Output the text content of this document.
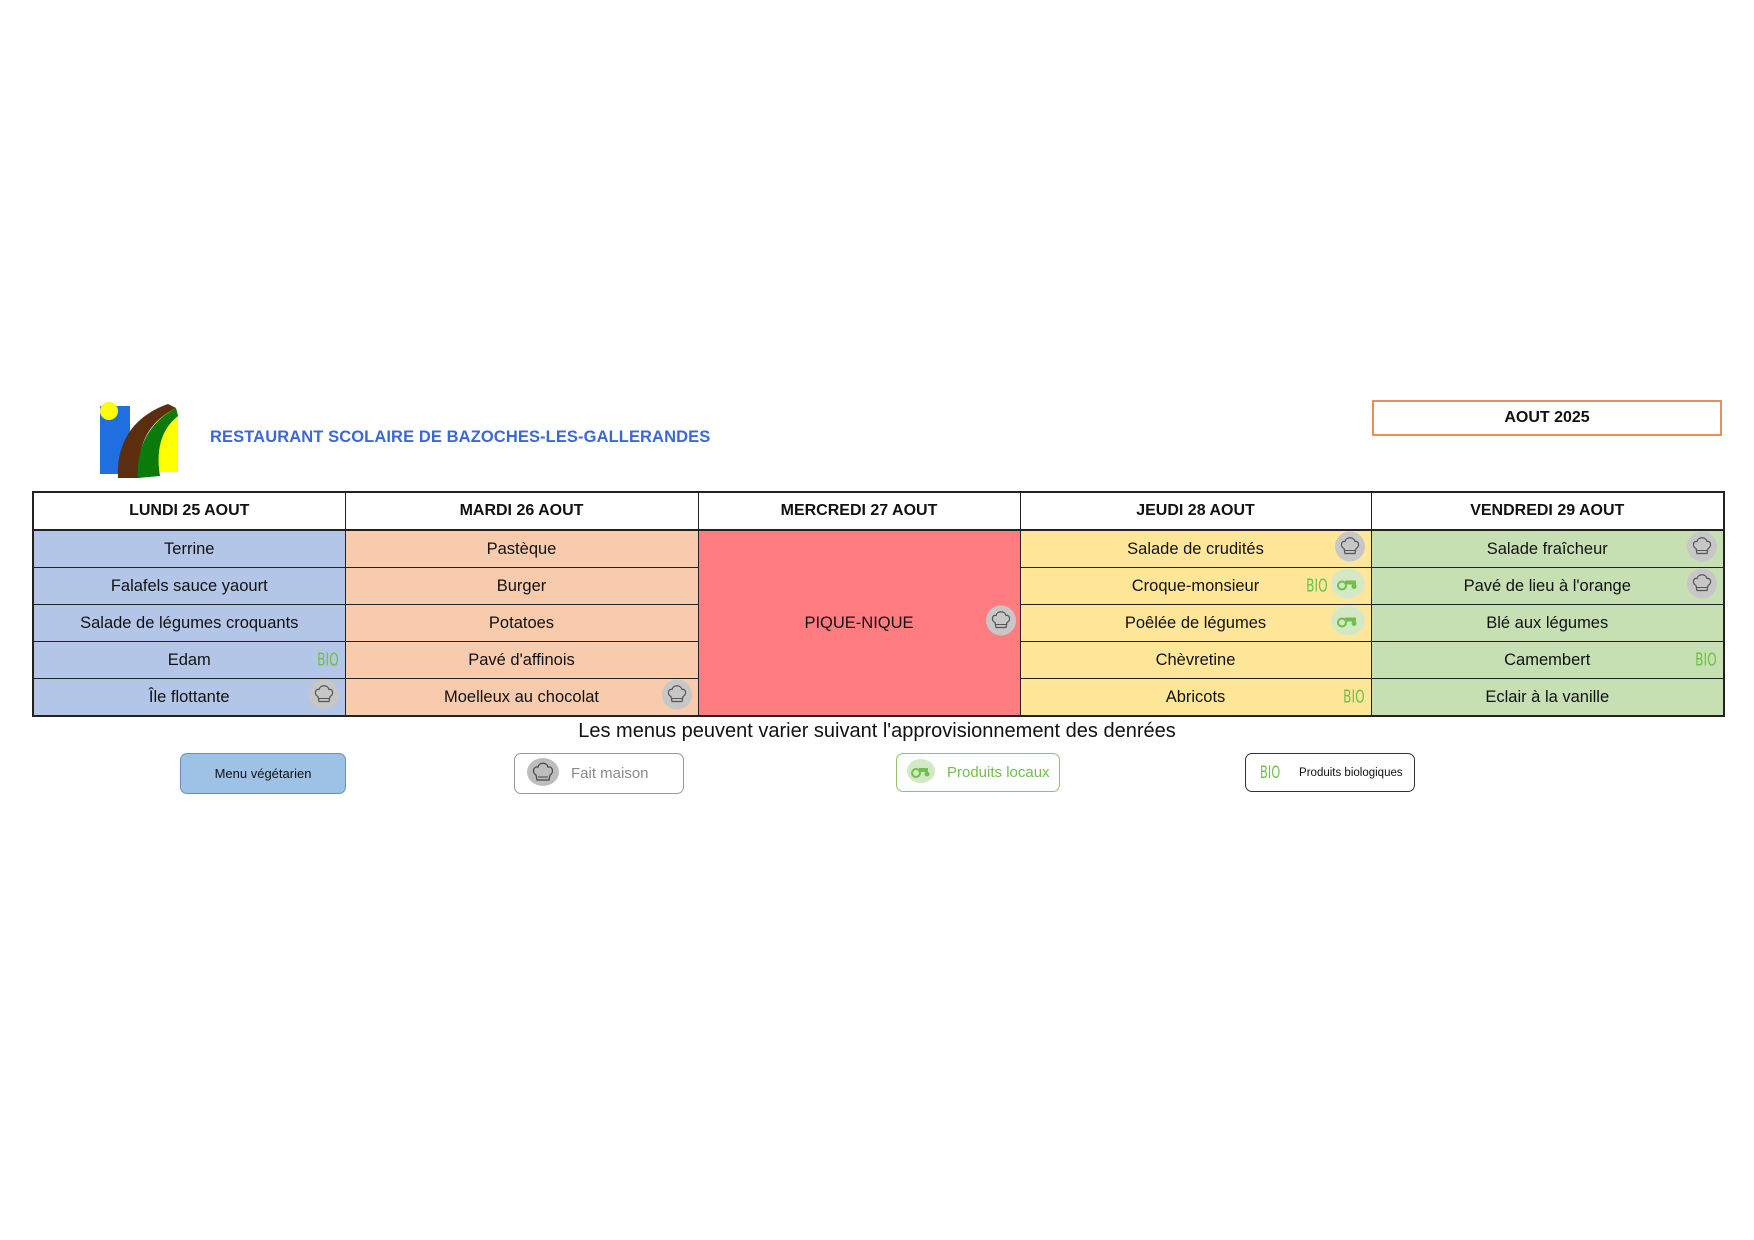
RESTAURANT SCOLAIRE DE BAZOCHES-LES-GALLERANDES
AOUT 2025
LUNDI 25 AOUT	MARDI 26 AOUT	MERCREDI 27 AOUT	JEUDI 28 AOUT	VENDREDI 29 AOUT
Terrine	Pastèque	PIQUE-NIQUE	Salade de crudités	Salade fraîcheur

Falafels sauce yaourt	Burger		Croque-monsieur BIO	Pavé de lieu à l'orange

Salade de légumes croquants	Potatoes		Poêlée de légumes	Blé aux légumes
Edam BIO	Pavé d'affinois		Chèvretine	Camembert BIO

Île flottante	Moelleux au chocolat		Abricots BIO	Eclair à la vanille
Les menus peuvent varier suivant l'approvisionnement des denrées
Menu végétarien	Fait maison	Produits locaux	BIO Produits biologiques
